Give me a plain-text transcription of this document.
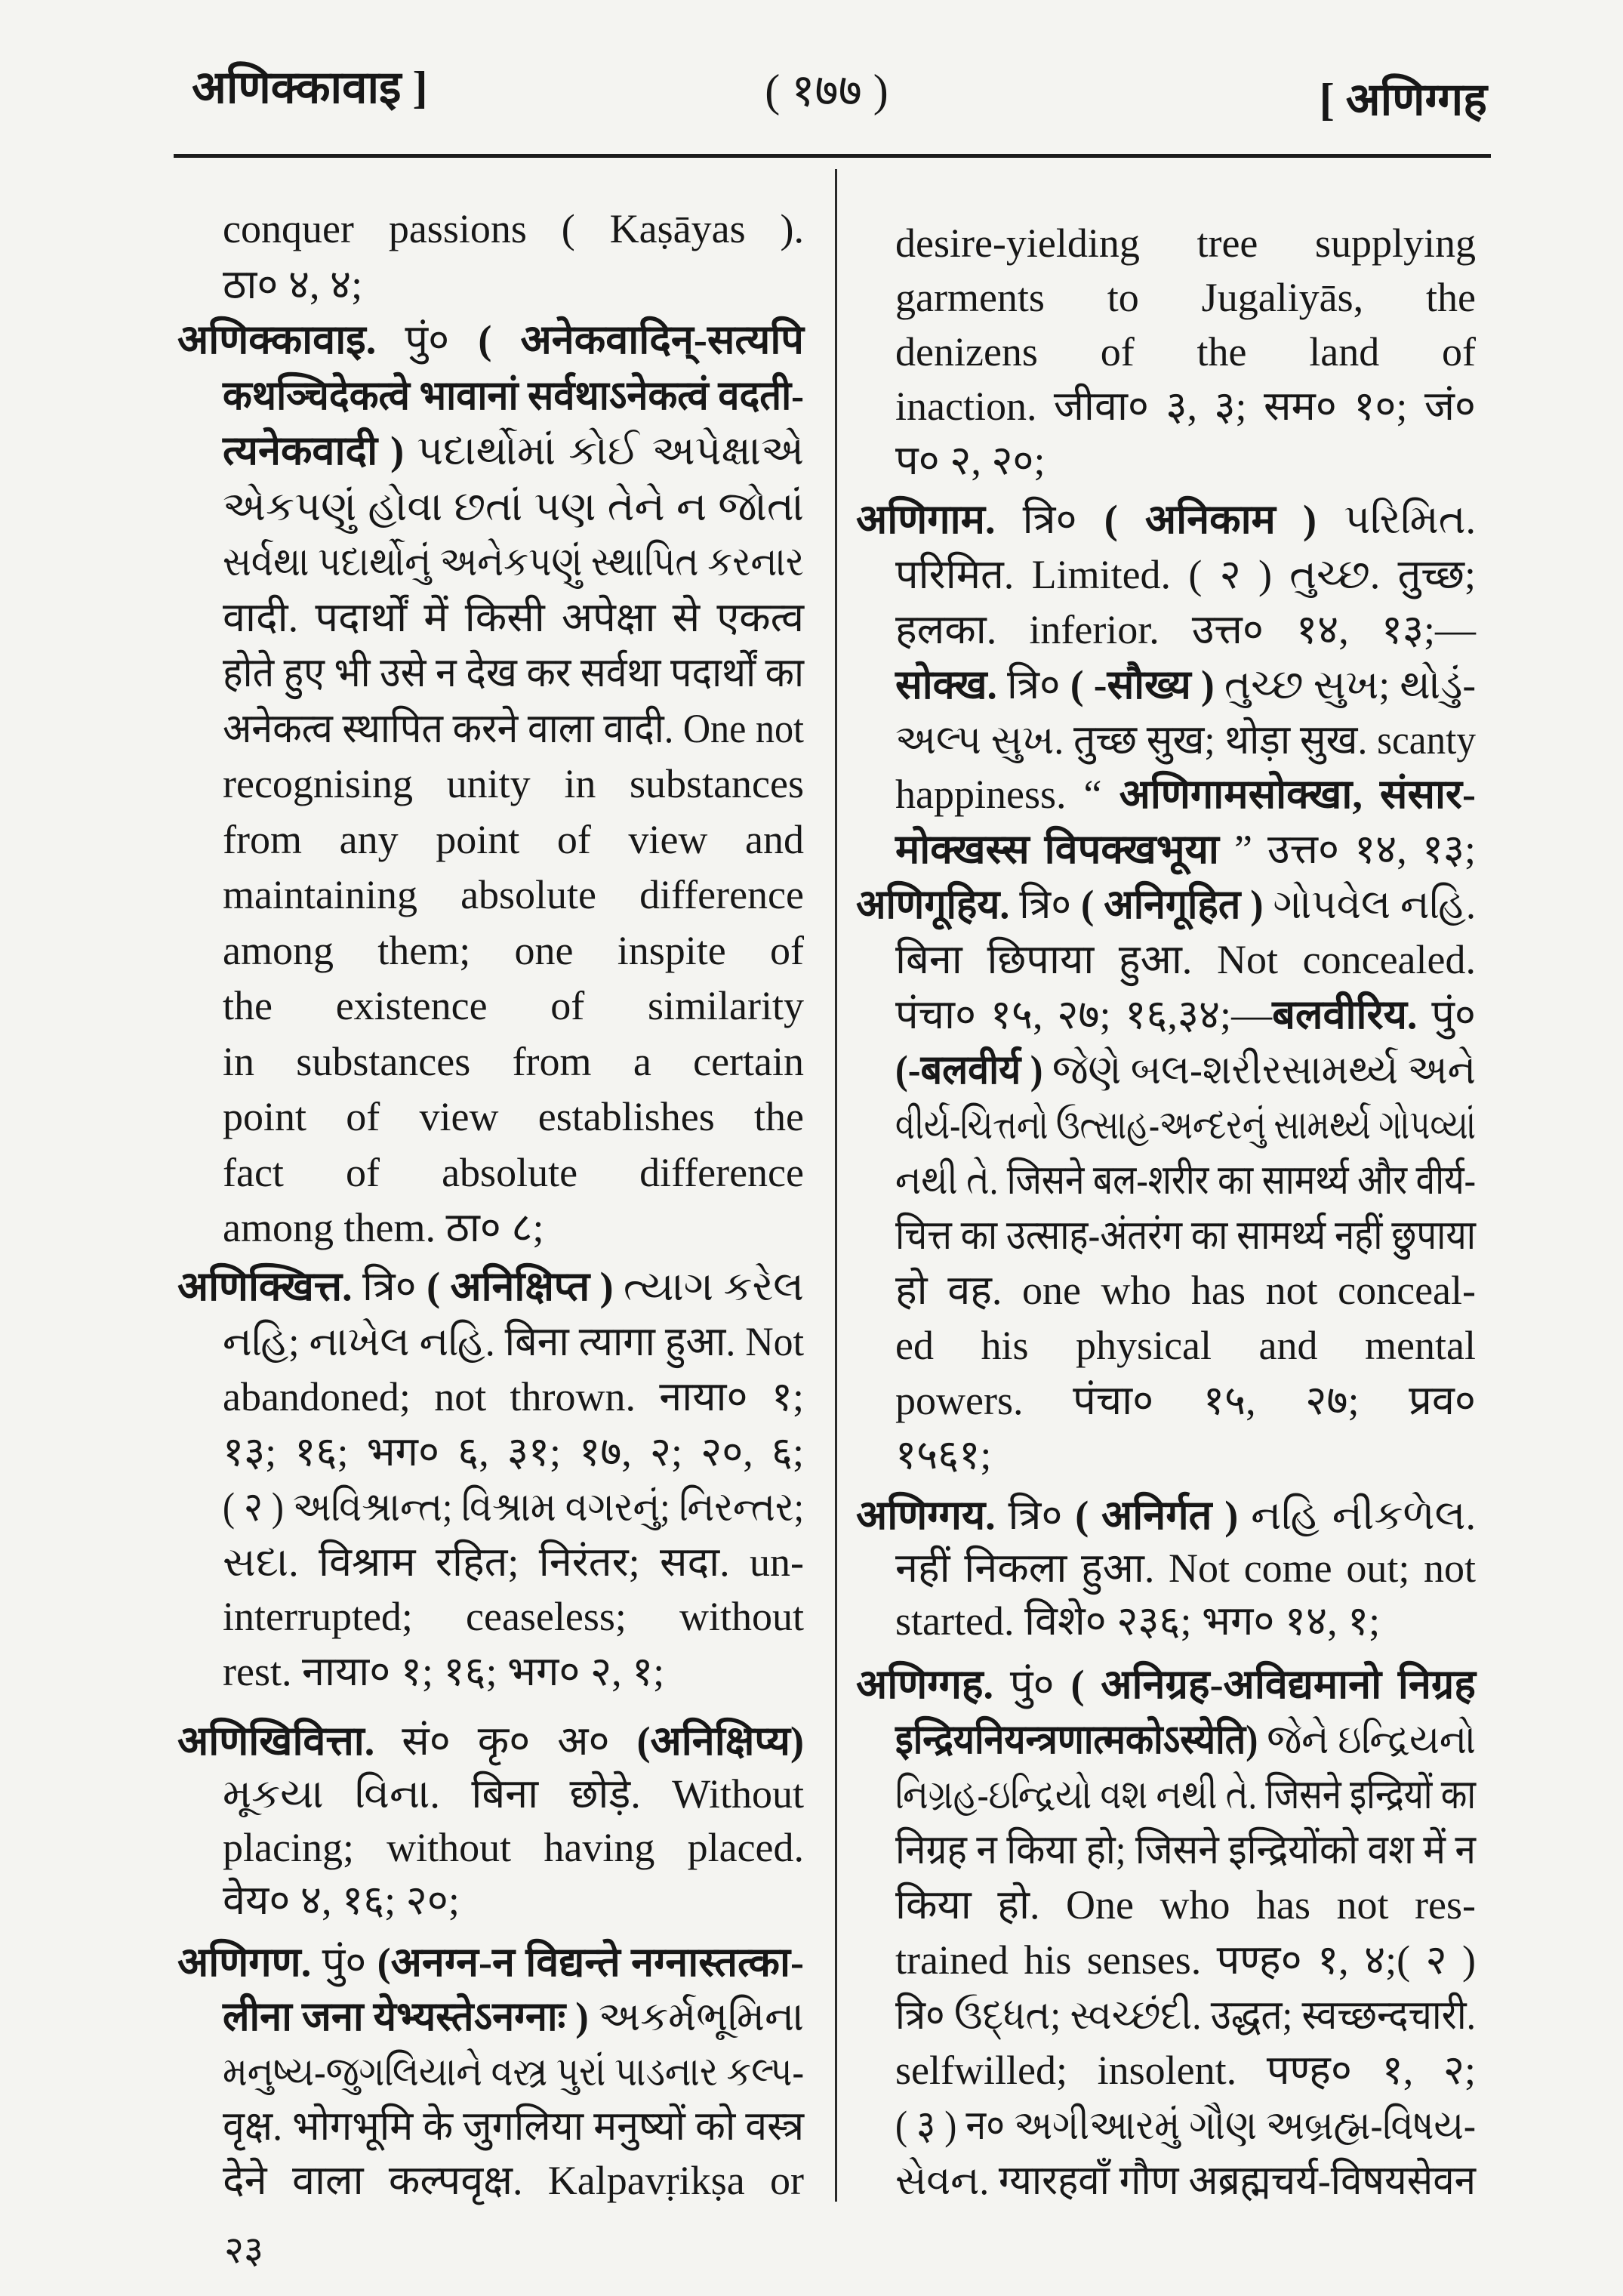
अणिक्कावाइ ]	( १७७ )	[ अणिग्गह
conquer passions ( Kaṣāyas ).
ठा० ४, ४;
अणिक्कावाइ. पुं० ( अनेकवादिन्-सत्यपि
कथञ्चिदेकत्वे भावानां सर्वथाऽनेकत्वं वदती-
त्यनेकवादी ) પદાર્થોમાં કોઈ અપેક્ષાએ
એકપણું હોવા છતાં પણ તેને ન જોતાં
સર્વથા પદાર્થોનું અનેકપણું સ્થાપિત કરનાર
वादी. पदार्थों में किसी अपेक्षा से एकत्व
होते हुए भी उसे न देख कर सर्वथा पदार्थों का
अनेकत्व स्थापित करने वाला वादी. One not
recognising unity in substances
from any point of view and
maintaining absolute difference
among them; one inspite of
the existence of similarity
in substances from a certain
point of view establishes the
fact of absolute difference
among them. ठा० ८;
अणिक्खित्त. त्रि० ( अनिक्षिप्त ) ત્યાગ કરેલ
નહિ; નાખેલ નહિ. बिना त्यागा हुआ. Not
abandoned; not thrown. नाया० १;
१३; १६; भग० ६, ३१; १७, २; २०, ६;
( २ ) અવિશ્રાન્ત; વિશ્રામ વગરનું; નિરન્તર;
સદા. विश्राम रहित; निरंतर; सदा. un-
interrupted; ceaseless; without
rest. नाया० १; १६; भग० २, १;
अणिखिवित्ता. सं० कृ० अ० (अनिक्षिप्य)
મૂકયા વિના. बिना छोड़े. Without
placing; without having placed.
वेय० ४, १६; २०;
अणिगण. पुं० (अनग्न-न विद्यन्ते नग्नास्तत्का-
लीना जना येभ्यस्तेऽनग्नाः ) અકર્મભૂમિના
મનુષ્ય-જુગલિયાને વસ્ત્ર પુરાં પાડનાર કલ્પ-
वृक्ष. भोगभूमि के जुगलिया मनुष्यों को वस्त्र
देने वाला कल्पवृक्ष. Kalpavṛikṣa or
desire-yielding tree supplying
garments to Jugaliyās, the
denizens of the land of
inaction. जीवा० ३, ३; सम० १०; जं०
प० २, २०;
अणिगाम. त्रि० ( अनिकाम ) પરિમિત.
परिमित. Limited. ( २ ) તુચ્છ. तुच्छ;
हलका. inferior. उत्त० १४, १३;—
सोक्ख. त्रि० ( -सौख्य ) તુચ્છ સુખ; થોડું-
અલ્પ સુખ. तुच्छ सुख; थोड़ा सुख. scanty
happiness. “ अणिगामसोक्खा, संसार-
मोक्खस्स विपक्खभूया ” उत्त० १४, १३;
अणिगूहिय. त्रि० ( अनिगूहित ) ગોપવેલ નહિ.
बिना छिपाया हुआ. Not concealed.
पंचा० १५, २७; १६,३४;—बलवीरिय. पुं०
(-बलवीर्य ) જેણે બલ-શરીરસામર્થ્ય અને
વીર્ય-ચિત્તનો ઉત્સાહ-અન્દરનું સામર્થ્ય ગોપવ્યાં
નથી તે. जिसने बल-शरीर का सामर्थ्य और वीर्य-
चित्त का उत्साह-अंतरंग का सामर्थ्य नहीं छुपाया
हो वह. one who has not conceal-
ed his physical and mental
powers. पंचा० १५, २७; प्रव०
१५६१;
अणिग्गय. त्रि० ( अनिर्गत ) નહિ નીકળેલ.
नहीं निकला हुआ. Not come out; not
started. विशे० २३६; भग० १४, १;
अणिग्गह. पुं० ( अनिग्रह-अविद्यमानो निग्रह
इन्द्रियनियन्त्रणात्मकोऽस्येति) જેને ઇન્દ્રિયનો
નિગ્રહ-ઇન્દ્રિયો વશ નથી તે. जिसने इन्द्रियों का
निग्रह न किया हो; जिसने इन्द्रियोंको वश में न
किया हो. One who has not res-
trained his senses. पण्ह० १, ४;( २ )
त्रि० ઉદ્ધત; સ્વચ્છંદી. उद्धत; स्वच्छन्दचारी.
selfwilled; insolent. पण्ह० १, २;
( ३ ) न० અગીઆરમું ગૌણ અબ્રહ્મ-વિષય-
સેવન. ग्यारहवाँ गौण अब्रह्मचर्य-विषयसेवन
२३
